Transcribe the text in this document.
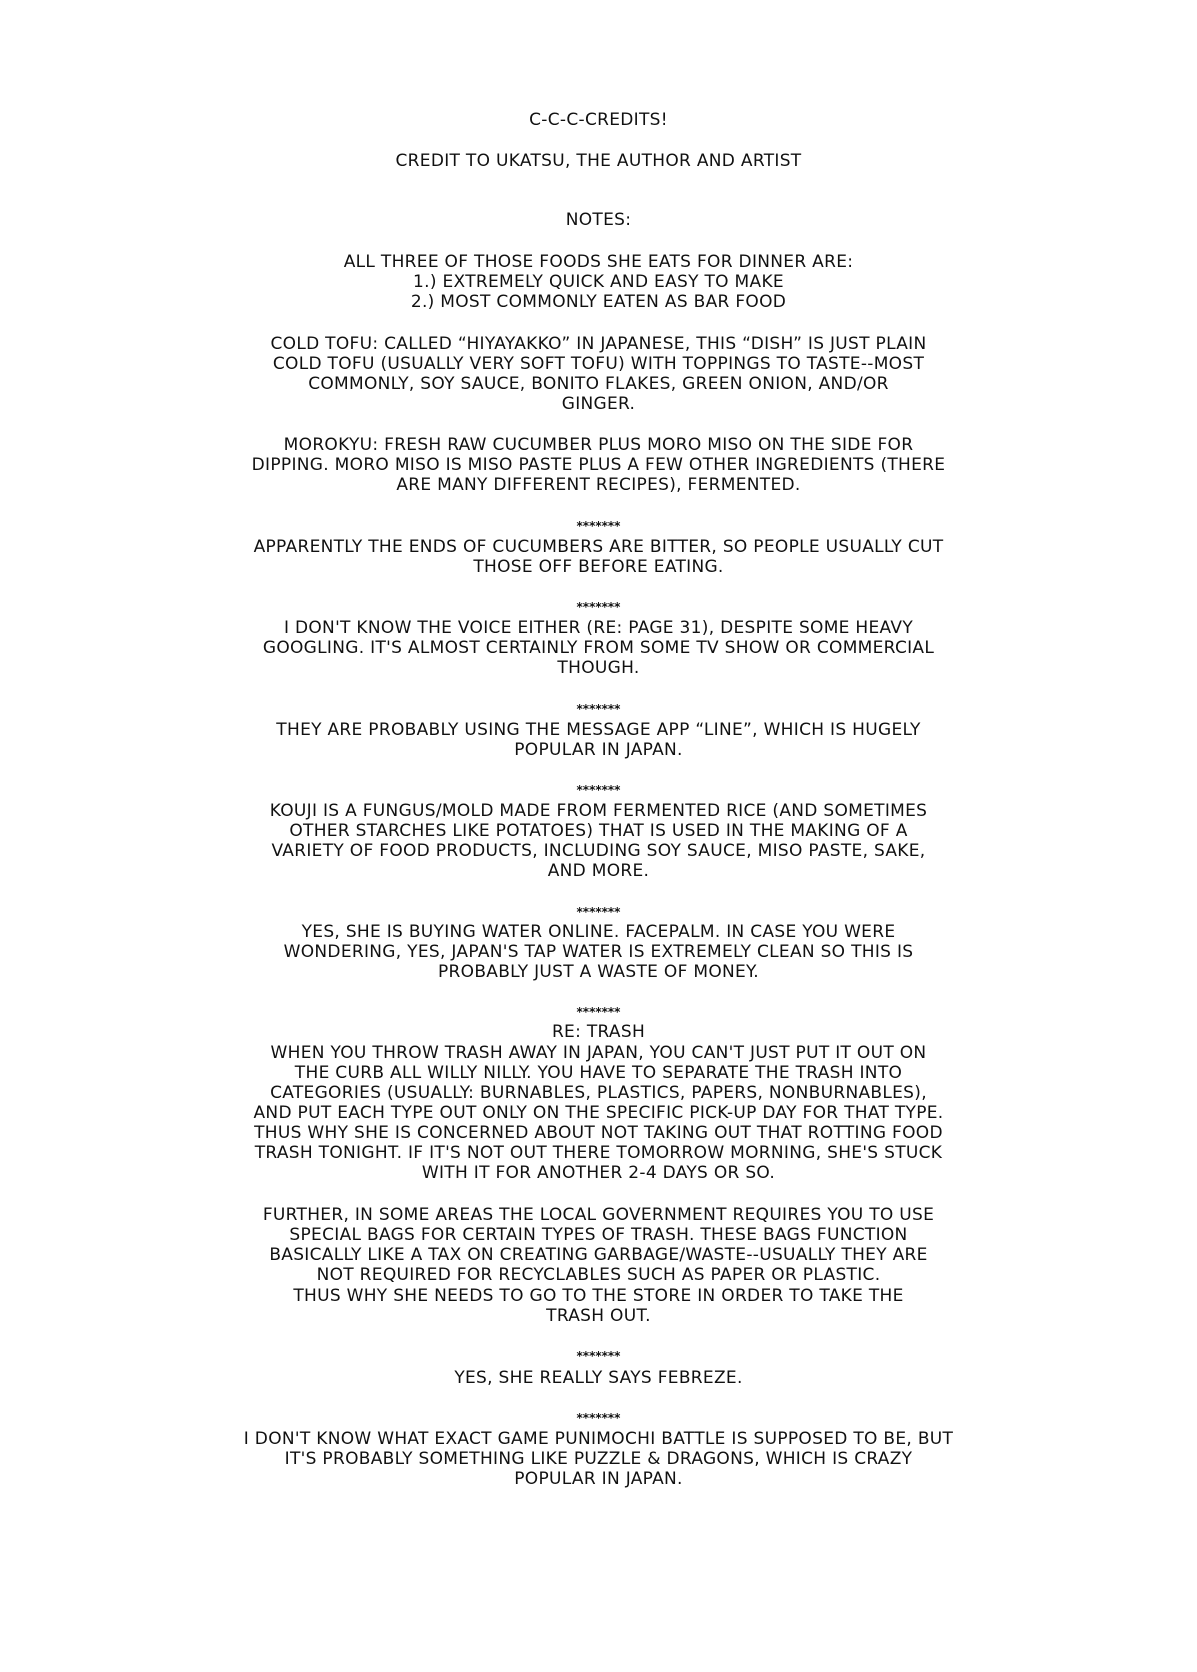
C-C-C-CREDITS!
CREDIT TO UKATSU, THE AUTHOR AND ARTIST
NOTES:
ALL THREE OF THOSE FOODS SHE EATS FOR DINNER ARE:
1.) EXTREMELY QUICK AND EASY TO MAKE
2.) MOST COMMONLY EATEN AS BAR FOOD
COLD TOFU: CALLED “HIYAYAKKO” IN JAPANESE, THIS “DISH” IS JUST PLAIN
COLD TOFU (USUALLY VERY SOFT TOFU) WITH TOPPINGS TO TASTE--MOST
COMMONLY, SOY SAUCE, BONITO FLAKES, GREEN ONION, AND/OR
GINGER.
MOROKYU: FRESH RAW CUCUMBER PLUS MORO MISO ON THE SIDE FOR
DIPPING. MORO MISO IS MISO PASTE PLUS A FEW OTHER INGREDIENTS (THERE
ARE MANY DIFFERENT RECIPES), FERMENTED.
*******
APPARENTLY THE ENDS OF CUCUMBERS ARE BITTER, SO PEOPLE USUALLY CUT
THOSE OFF BEFORE EATING.
*******
I DON'T KNOW THE VOICE EITHER (RE: PAGE 31), DESPITE SOME HEAVY
GOOGLING. IT'S ALMOST CERTAINLY FROM SOME TV SHOW OR COMMERCIAL
THOUGH.
*******
THEY ARE PROBABLY USING THE MESSAGE APP “LINE”, WHICH IS HUGELY
POPULAR IN JAPAN.
*******
KOUJI IS A FUNGUS/MOLD MADE FROM FERMENTED RICE (AND SOMETIMES
OTHER STARCHES LIKE POTATOES) THAT IS USED IN THE MAKING OF A
VARIETY OF FOOD PRODUCTS, INCLUDING SOY SAUCE, MISO PASTE, SAKE,
AND MORE.
*******
YES, SHE IS BUYING WATER ONLINE. FACEPALM. IN CASE YOU WERE
WONDERING, YES, JAPAN'S TAP WATER IS EXTREMELY CLEAN SO THIS IS
PROBABLY JUST A WASTE OF MONEY.
*******
RE: TRASH
WHEN YOU THROW TRASH AWAY IN JAPAN, YOU CAN'T JUST PUT IT OUT ON
THE CURB ALL WILLY NILLY. YOU HAVE TO SEPARATE THE TRASH INTO
CATEGORIES (USUALLY: BURNABLES, PLASTICS, PAPERS, NONBURNABLES),
AND PUT EACH TYPE OUT ONLY ON THE SPECIFIC PICK-UP DAY FOR THAT TYPE.
THUS WHY SHE IS CONCERNED ABOUT NOT TAKING OUT THAT ROTTING FOOD
TRASH TONIGHT. IF IT'S NOT OUT THERE TOMORROW MORNING, SHE'S STUCK
WITH IT FOR ANOTHER 2-4 DAYS OR SO.
FURTHER, IN SOME AREAS THE LOCAL GOVERNMENT REQUIRES YOU TO USE
SPECIAL BAGS FOR CERTAIN TYPES OF TRASH. THESE BAGS FUNCTION
BASICALLY LIKE A TAX ON CREATING GARBAGE/WASTE--USUALLY THEY ARE
NOT REQUIRED FOR RECYCLABLES SUCH AS PAPER OR PLASTIC.
THUS WHY SHE NEEDS TO GO TO THE STORE IN ORDER TO TAKE THE
TRASH OUT.
*******
YES, SHE REALLY SAYS FEBREZE.
*******
I DON'T KNOW WHAT EXACT GAME PUNIMOCHI BATTLE IS SUPPOSED TO BE, BUT
IT'S PROBABLY SOMETHING LIKE PUZZLE & DRAGONS, WHICH IS CRAZY
POPULAR IN JAPAN.
